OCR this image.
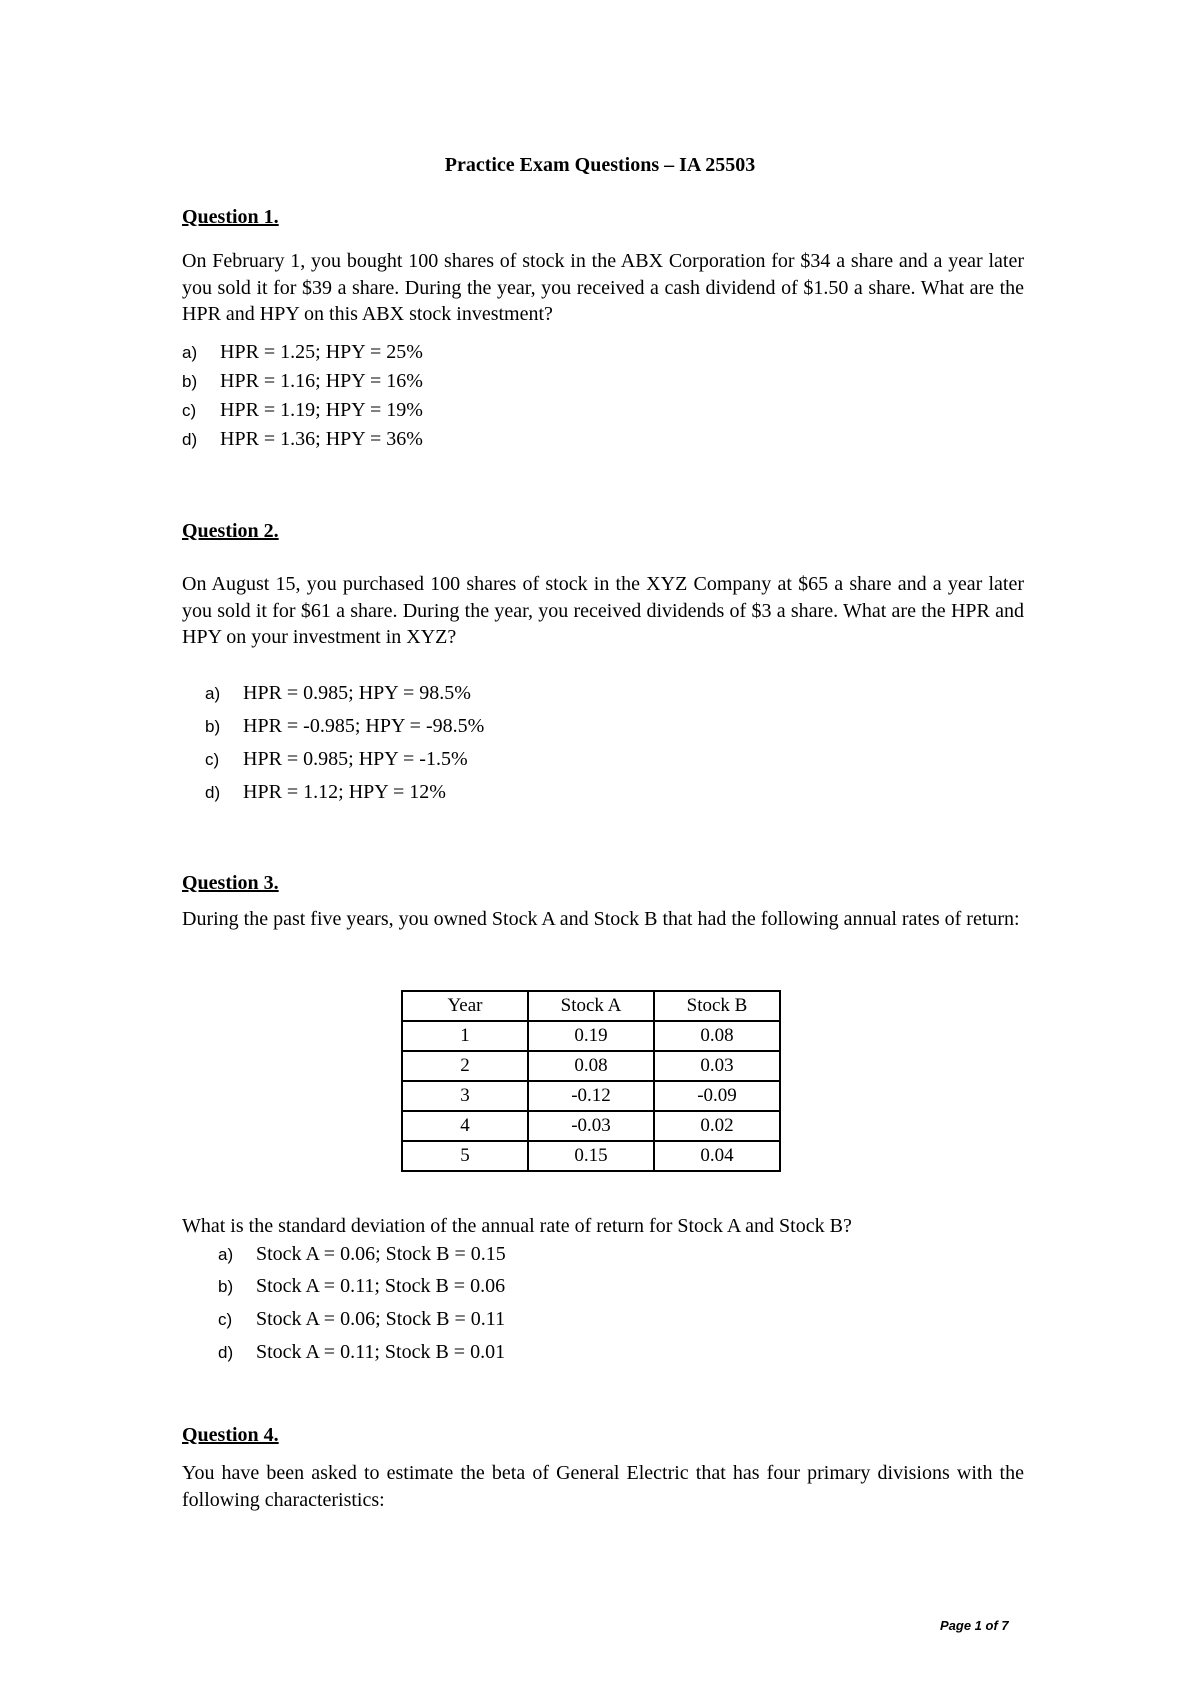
Practice Exam Questions – IA 25503
Question 1.
On February 1, you bought 100 shares of stock in the ABX Corporation for $34 a share and a year later you sold it for $39 a share. During the year, you received a cash dividend of $1.50 a share. What are the HPR and HPY on this ABX stock investment?
a) HPR = 1.25; HPY = 25%
b) HPR = 1.16; HPY = 16%
c) HPR = 1.19; HPY = 19%
d) HPR = 1.36; HPY = 36%
Question 2.
On August 15, you purchased 100 shares of stock in the XYZ Company at $65 a share and a year later you sold it for $61 a share. During the year, you received dividends of $3 a share. What are the HPR and HPY on your investment in XYZ?
a) HPR = 0.985; HPY = 98.5%
b) HPR = -0.985; HPY = -98.5%
c) HPR = 0.985; HPY = -1.5%
d) HPR = 1.12; HPY = 12%
Question 3.
During the past five years, you owned Stock A and Stock B that had the following annual rates of return:
Year	Stock A	Stock B
1	0.19	0.08
2	0.08	0.03
3	-0.12	-0.09
4	-0.03	0.02
5	0.15	0.04
What is the standard deviation of the annual rate of return for Stock A and Stock B?
a) Stock A = 0.06; Stock B = 0.15
b) Stock A = 0.11; Stock B = 0.06
c) Stock A = 0.06; Stock B = 0.11
d) Stock A = 0.11; Stock B = 0.01
Question 4.
You have been asked to estimate the beta of General Electric that has four primary divisions with the following characteristics:
Page 1 of 7
